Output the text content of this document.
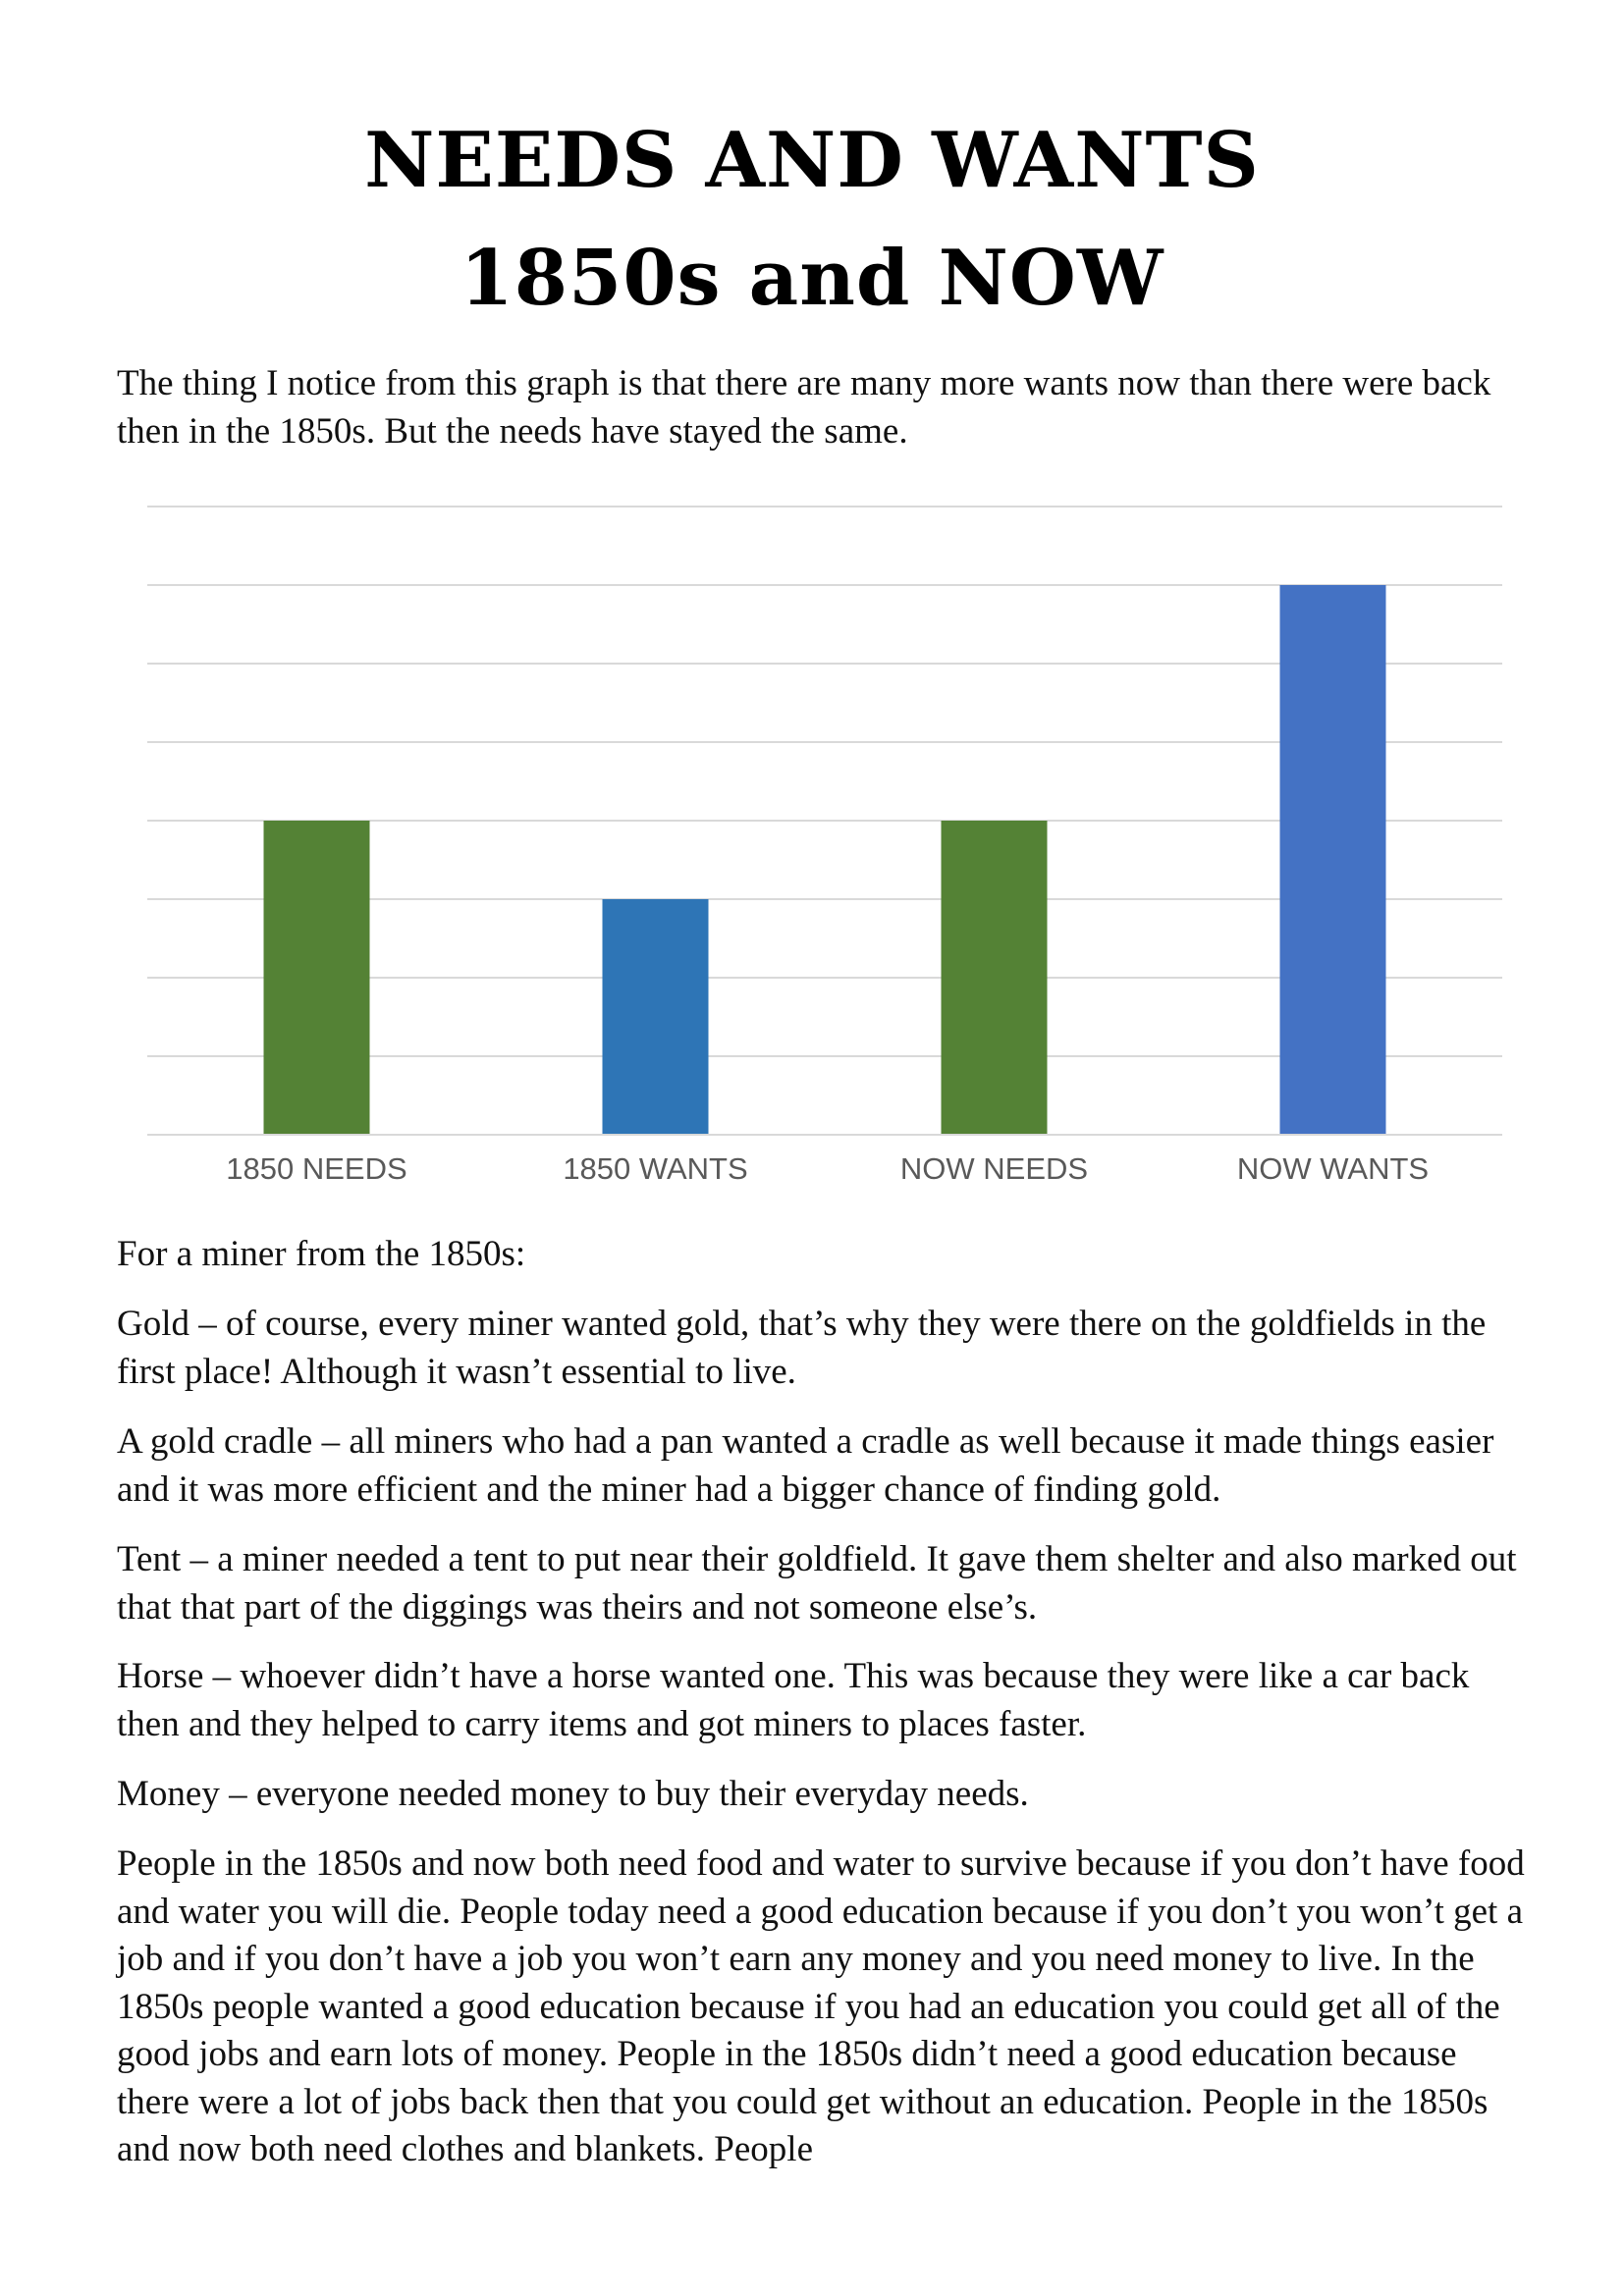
NEEDS AND WANTS
1850s and NOW

The thing I notice from this graph is that there are many more wants now than there were back then in the 1850s. But the needs have stayed the same.

1850 NEEDS	1850 WANTS	NOW NEEDS	NOW WANTS

For a miner from the 1850s:

Gold – of course, every miner wanted gold, that’s why they were there on the goldfields in the first place! Although it wasn’t essential to live.

A gold cradle – all miners who had a pan wanted a cradle as well because it made things easier and it was more efficient and the miner had a bigger chance of finding gold.

Tent – a miner needed a tent to put near their goldfield. It gave them shelter and also marked out that that part of the diggings was theirs and not someone else’s.

Horse – whoever didn’t have a horse wanted one. This was because they were like a car back then and they helped to carry items and got miners to places faster.

Money – everyone needed money to buy their everyday needs.

People in the 1850s and now both need food and water to survive because if you don’t have food and water you will die. People today need a good education because if you don’t you won’t get a job and if you don’t have a job you won’t earn any money and you need money to live. In the 1850s people wanted a good education because if you had an education you could get all of the good jobs and earn lots of money. People in the 1850s didn’t need a good education because there were a lot of jobs back then that you could get without an education. People in the 1850s and now both need clothes and blankets. People
